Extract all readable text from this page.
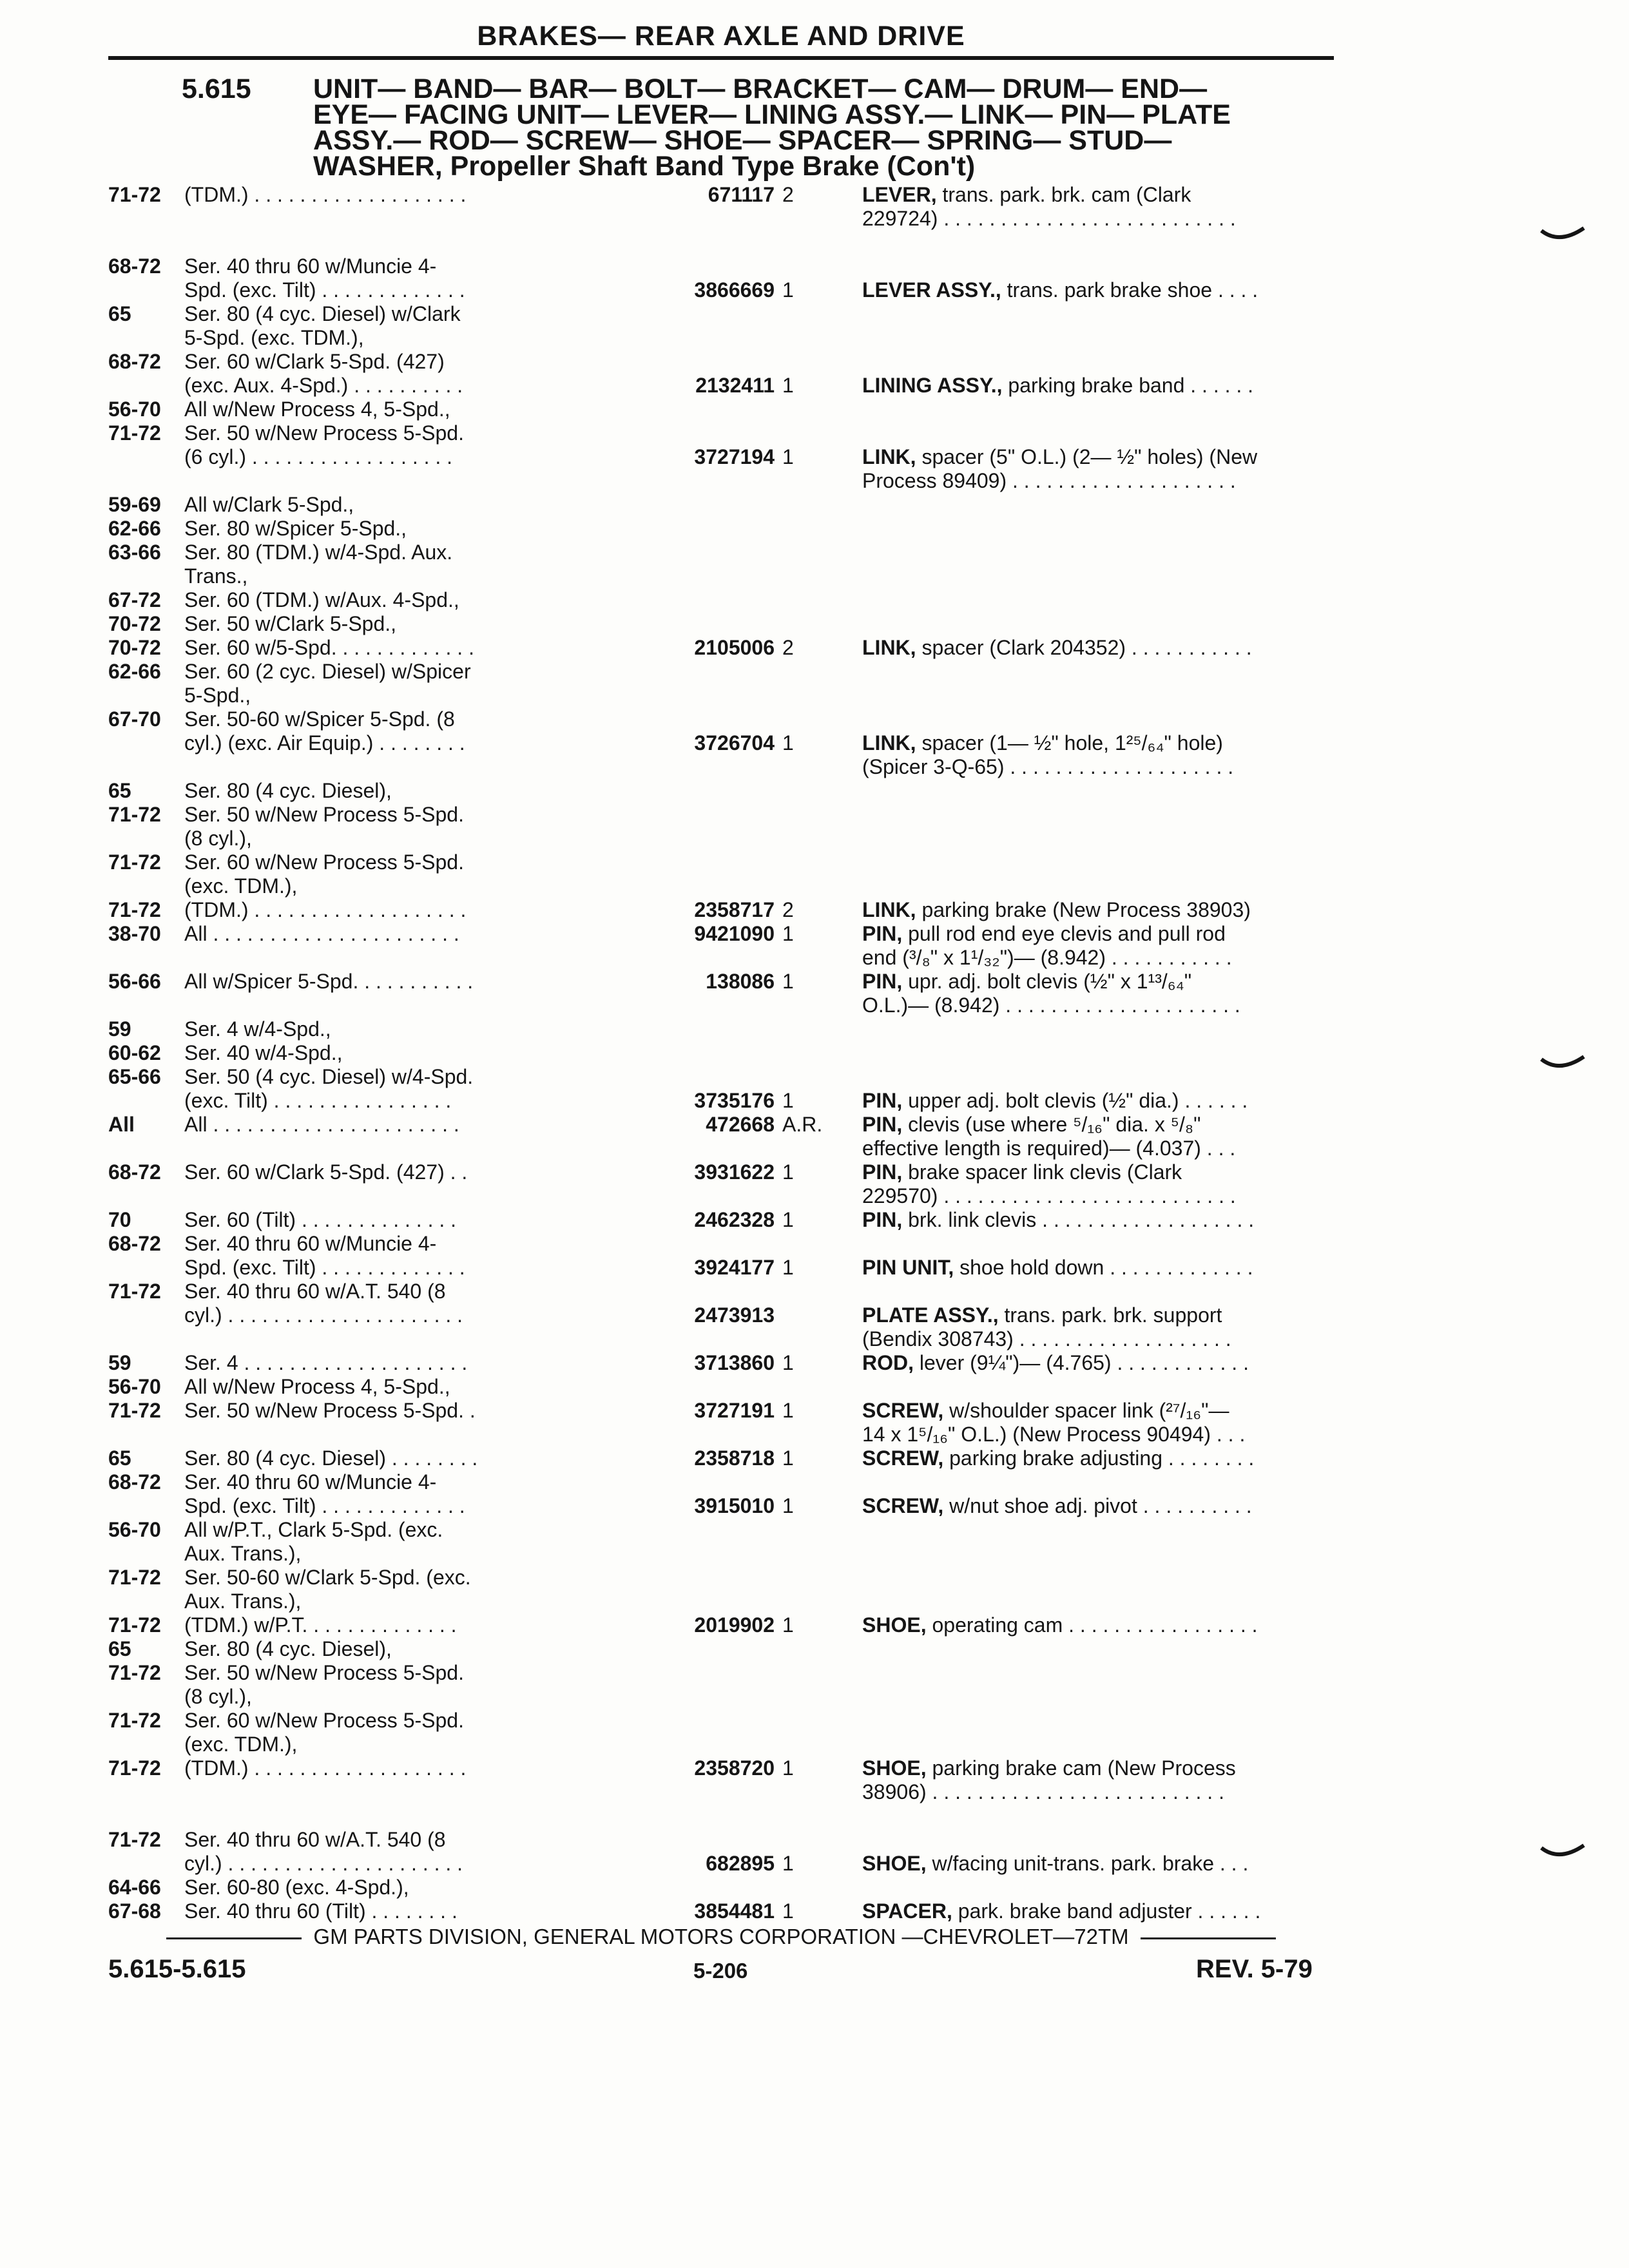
BRAKES— REAR AXLE AND DRIVE
5.615 UNIT— BAND— BAR— BOLT— BRACKET— CAM— DRUM— END—
EYE— FACING UNIT— LEVER— LINING ASSY.— LINK— PIN— PLATE
ASSY.— ROD— SCREW— SHOE— SPACER— SPRING— STUD—
WASHER, Propeller Shaft Band Type Brake (Con't)
71-72	(TDM.) . . . . . . . . . . . . . . . . . . .	671117 2	LEVER, trans. park. brk. cam (Clark
229724) . . . . . . . . . . . . . . . . . . . . . . . . . .
68-72	Ser. 40 thru 60 w/Muncie 4-
Spd. (exc. Tilt) . . . . . . . . . . . . .	3866669 1	LEVER ASSY., trans. park brake shoe . . . .
65	Ser. 80 (4 cyc. Diesel) w/Clark
5-Spd. (exc. TDM.),
68-72	Ser. 60 w/Clark 5-Spd. (427)
(exc. Aux. 4-Spd.) . . . . . . . . . .	2132411 1	LINING ASSY., parking brake band . . . . . .
56-70	All w/New Process 4, 5-Spd.,
71-72	Ser. 50 w/New Process 5-Spd.
(6 cyl.) . . . . . . . . . . . . . . . . . .	3727194 1	LINK, spacer (5" O.L.) (2— ½" holes) (New
Process 89409) . . . . . . . . . . . . . . . . . . . .
59-69	All w/Clark 5-Spd.,
62-66	Ser. 80 w/Spicer 5-Spd.,
63-66	Ser. 80 (TDM.) w/4-Spd. Aux.
Trans.,
67-72	Ser. 60 (TDM.) w/Aux. 4-Spd.,
70-72	Ser. 50 w/Clark 5-Spd.,
70-72	Ser. 60 w/5-Spd. . . . . . . . . . . . .	2105006 2	LINK, spacer (Clark 204352) . . . . . . . . . . .
62-66	Ser. 60 (2 cyc. Diesel) w/Spicer
5-Spd.,
67-70	Ser. 50-60 w/Spicer 5-Spd. (8
cyl.) (exc. Air Equip.) . . . . . . . .	3726704 1	LINK, spacer (1— ½" hole, 1²⁵/₆₄" hole)
(Spicer 3-Q-65) . . . . . . . . . . . . . . . . . . . .
65	Ser. 80 (4 cyc. Diesel),
71-72	Ser. 50 w/New Process 5-Spd.
(8 cyl.),
71-72	Ser. 60 w/New Process 5-Spd.
(exc. TDM.),
71-72	(TDM.) . . . . . . . . . . . . . . . . . . .	2358717 2	LINK, parking brake (New Process 38903)
38-70	All . . . . . . . . . . . . . . . . . . . . . .	9421090 1	PIN, pull rod end eye clevis and pull rod
end (³/₈" x 1¹/₃₂")— (8.942) . . . . . . . . . . .
56-66	All w/Spicer 5-Spd. . . . . . . . . . .	138086 1	PIN, upr. adj. bolt clevis (½" x 1¹³/₆₄"
O.L.)— (8.942) . . . . . . . . . . . . . . . . . . . . .
59	Ser. 4 w/4-Spd.,
60-62	Ser. 40 w/4-Spd.,
65-66	Ser. 50 (4 cyc. Diesel) w/4-Spd.
(exc. Tilt) . . . . . . . . . . . . . . . .	3735176 1	PIN, upper adj. bolt clevis (½" dia.) . . . . . .
All	All . . . . . . . . . . . . . . . . . . . . . .	472668 A.R. PIN, clevis (use where ⁵/₁₆" dia. x ⁵/₈"
effective length is required)— (4.037) . . .
68-72	Ser. 60 w/Clark 5-Spd. (427) . .	3931622 1	PIN, brake spacer link clevis (Clark
229570) . . . . . . . . . . . . . . . . . . . . . . . . . .
70	Ser. 60 (Tilt) . . . . . . . . . . . . . .	2462328 1	PIN, brk. link clevis . . . . . . . . . . . . . . . . . . .
68-72	Ser. 40 thru 60 w/Muncie 4-
Spd. (exc. Tilt) . . . . . . . . . . . . .	3924177 1	PIN UNIT, shoe hold down . . . . . . . . . . . . .
71-72	Ser. 40 thru 60 w/A.T. 540 (8
cyl.) . . . . . . . . . . . . . . . . . . . . .	2473913	PLATE ASSY., trans. park. brk. support
(Bendix 308743) . . . . . . . . . . . . . . . . . . .
59	Ser. 4 . . . . . . . . . . . . . . . . . . . .	3713860 1	ROD, lever (9¼")— (4.765) . . . . . . . . . . . .
56-70	All w/New Process 4, 5-Spd.,
71-72	Ser. 50 w/New Process 5-Spd. .	3727191 1	SCREW, w/shoulder spacer link (²⁷/₁₆"—
14 x 1⁵/₁₆" O.L.) (New Process 90494) . . .
65	Ser. 80 (4 cyc. Diesel) . . . . . . . .	2358718 1	SCREW, parking brake adjusting . . . . . . . .
68-72	Ser. 40 thru 60 w/Muncie 4-
Spd. (exc. Tilt) . . . . . . . . . . . . .	3915010 1	SCREW, w/nut shoe adj. pivot . . . . . . . . . .
56-70	All w/P.T., Clark 5-Spd. (exc.
Aux. Trans.),
71-72	Ser. 50-60 w/Clark 5-Spd. (exc.
Aux. Trans.),
71-72	(TDM.) w/P.T. . . . . . . . . . . . . .	2019902 1	SHOE, operating cam . . . . . . . . . . . . . . . . .
65	Ser. 80 (4 cyc. Diesel),
71-72	Ser. 50 w/New Process 5-Spd.
(8 cyl.),
71-72	Ser. 60 w/New Process 5-Spd.
(exc. TDM.),
71-72	(TDM.) . . . . . . . . . . . . . . . . . . .	2358720 1	SHOE, parking brake cam (New Process
38906) . . . . . . . . . . . . . . . . . . . . . . . . . .
71-72	Ser. 40 thru 60 w/A.T. 540 (8
cyl.) . . . . . . . . . . . . . . . . . . . . .	682895 1	SHOE, w/facing unit-trans. park. brake . . .
64-66	Ser. 60-80 (exc. 4-Spd.),
67-68	Ser. 40 thru 60 (Tilt) . . . . . . . .	3854481 1	SPACER, park. brake band adjuster . . . . . .
GM PARTS DIVISION, GENERAL MOTORS CORPORATION —CHEVROLET—72TM
5.615-5.615	5-206	REV. 5-79
